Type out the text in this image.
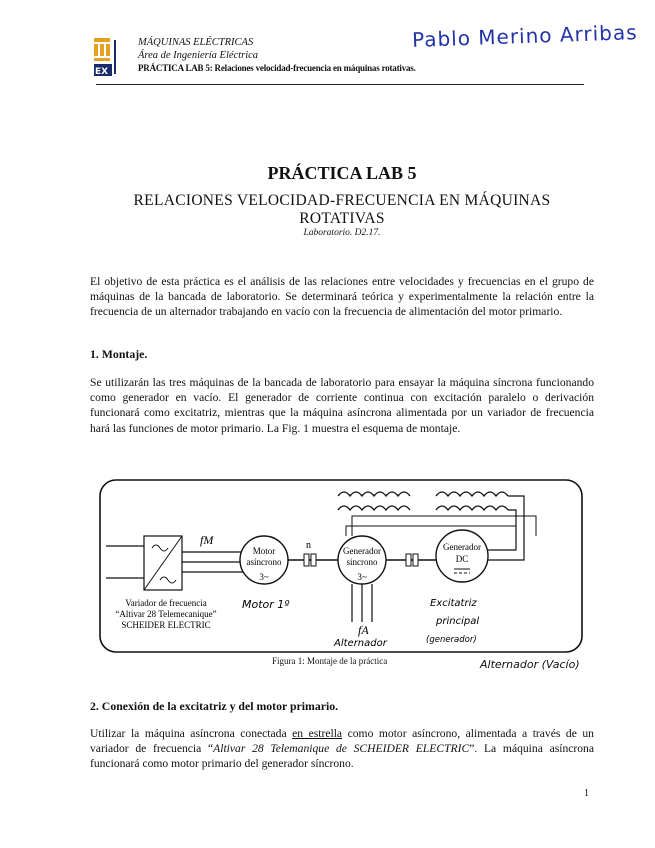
EX
MÁQUINAS ELÉCTRICAS
Área de Ingeniería Eléctrica
PRÁCTICA LAB 5: Relaciones velocidad-frecuencia en máquinas rotativas.
Pablo Merino Arribas
PRÁCTICA LAB 5
RELACIONES VELOCIDAD-FRECUENCIA EN MÁQUINAS ROTATIVAS
Laboratorio. D2.17.
El objetivo de esta práctica es el análisis de las relaciones entre velocidades y frecuencias en el grupo de máquinas de la bancada de laboratorio. Se determinará teórica y experimentalmente la relación entre la frecuencia de un alternador trabajando en vacío con la frecuencia de alimentación del motor primario.
1. Montaje.
Se utilizarán las tres máquinas de la bancada de laboratorio para ensayar la máquina síncrona funcionando como generador en vacío. El generador de corriente continua con excitación paralelo o derivación funcionará como excitatriz, mientras que la máquina asíncrona alimentada por un variador de frecuencia hará las funciones de motor primario. La Fig. 1 muestra el esquema de montaje.
fM
Motor
asíncrono
3~
n	Generador
síncrono
3~
fA
Generador
DC
Variador de frecuencia
“Altivar 28 Telemecanique”
SCHEIDER ELECTRIC
Motor 1º
Alternador
Excitatriz
principal
(generador)
Figura 1: Montaje de la práctica	Alternador (Vacío)
2. Conexión de la excitatriz y del motor primario.
Utilizar la máquina asíncrona conectada en estrella como motor asíncrono, alimentada a través de un variador de frecuencia “Altivar 28 Telemanique de SCHEIDER ELECTRIC”. La máquina asíncrona funcionará como motor primario del generador síncrono.
1
